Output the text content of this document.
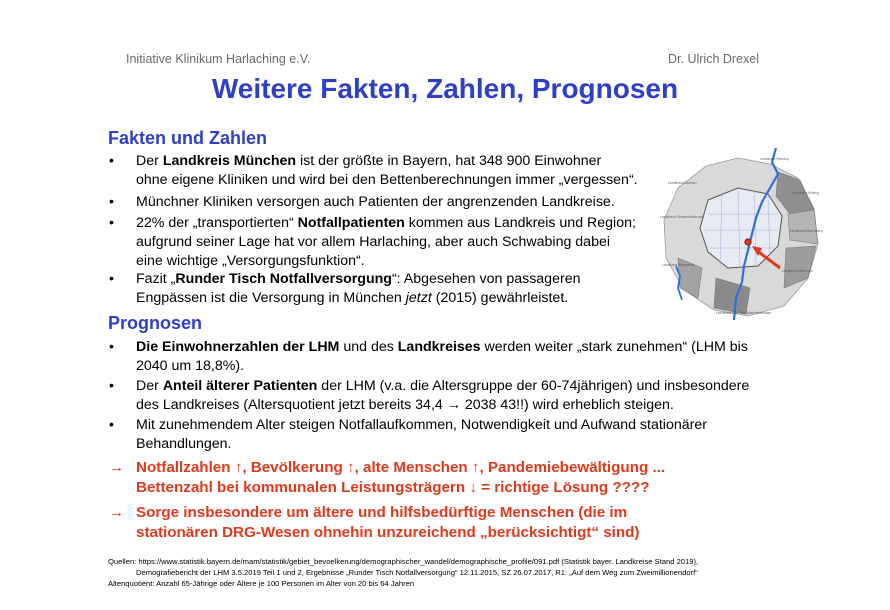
Initiative Klinikum Harlaching e.V.	Dr. Ulrich Drexel
Weitere Fakten, Zahlen, Prognosen
Fakten und Zahlen
• Der Landkreis München ist der größte in Bayern, hat 348 900 Einwohner
ohne eigene Kliniken und wird bei den Bettenberechnungen immer „vergessen“.
• Münchner Kliniken versorgen auch Patienten der angrenzenden Landkreise.
• 22% der „transportierten“ Notfallpatienten kommen aus Landkreis und Region;
aufgrund seiner Lage hat vor allem Harlaching, aber auch Schwabing dabei
eine wichtige „Versorgungsfunktion“.
• Fazit „Runder Tisch Notfallversorgung“: Abgesehen von passageren
Engpässen ist die Versorgung in München jetzt (2015) gewährleistet.
Landkreis Dachau
Landkreis Freising
Landkreis Erding
Landkreis Fürstenfeldbruck
Landkreis Ebersberg
Landkreis Starnberg
Landkreis München
Landkreis Bad Tölz-Wolfratshausen
Prognosen
• Die Einwohnerzahlen der LHM und des Landkreises werden weiter „stark zunehmen“ (LHM bis
2040 um 18,8%).
• Der Anteil älterer Patienten der LHM (v.a. die Altersgruppe der 60-74jährigen) und insbesondere
des Landkreises (Altersquotient jetzt bereits 34,4 → 2038 43!!) wird erheblich steigen.
• Mit zunehmendem Alter steigen Notfallaufkommen, Notwendigkeit und Aufwand stationärer
Behandlungen.
→ Notfallzahlen ↑, Bevölkerung ↑, alte Menschen ↑, Pandemiebewältigung ...
Bettenzahl bei kommunalen Leistungsträgern ↓ = richtige Lösung ????
→ Sorge insbesondere um ältere und hilfsbedürftige Menschen (die im
stationären DRG-Wesen ohnehin unzureichend „berücksichtigt“ sind)
Quellen: https://www.statistik.bayern.de/mam/statistik/gebiet_bevoelkerung/demographischer_wandel/demographische_profile/091.pdf (Statistik bayer. Landkreise Stand 2019),
Demografiebericht der LHM 3.5.2019 Teil 1 und 2, Ergebnisse „Runder Tisch Notfallversorgung“ 12.11.2015, SZ 26.07.2017, R1: „Auf dem Weg zum Zweimillionendorf“
Altenquotient: Anzahl 65-Jährige oder Ältere je 100 Personen im Alter von 20 bis 64 Jahren
